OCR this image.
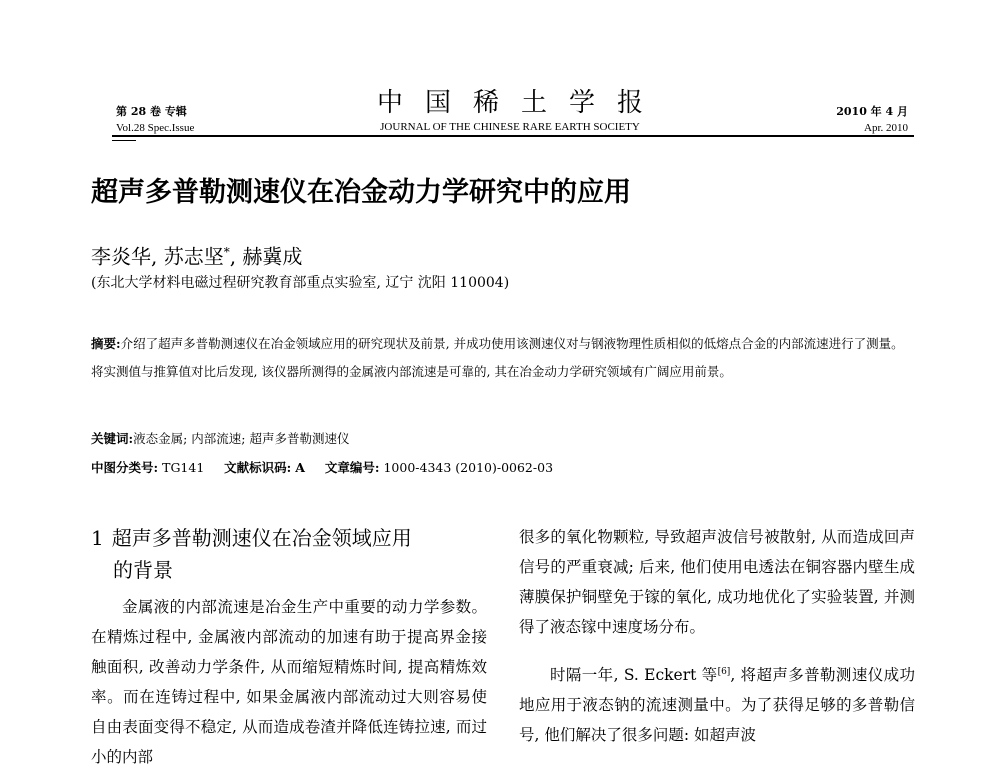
第 28 卷 专辑
Vol.28 Spec.Issue
中国稀土学报
JOURNAL OF THE CHINESE RARE EARTH SOCIETY
2010 年 4 月
Apr. 2010
超声多普勒测速仪在冶金动力学研究中的应用
李炎华, 苏志坚*, 赫冀成
(东北大学材料电磁过程研究教育部重点实验室, 辽宁 沈阳 110004)
摘要:介绍了超声多普勒测速仪在冶金领域应用的研究现状及前景, 并成功使用该测速仪对与钢液物理性质相似的低熔点合金的内部流速进行了测量。将实测值与推算值对比后发现, 该仪器所测得的金属液内部流速是可靠的, 其在冶金动力学研究领域有广阔应用前景。
关键词:液态金属; 内部流速; 超声多普勒测速仪
中图分类号: TG141 文献标识码: A 文章编号: 1000-4343 (2010)-0062-03
1 超声多普勒测速仪在冶金领域应用
的背景

金属液的内部流速是冶金生产中重要的动力学参数。在精炼过程中, 金属液内部流动的加速有助于提高界金接触面积, 改善动力学条件, 从而缩短精炼时间, 提高精炼效率。而在连铸过程中, 如果金属液内部流动过大则容易使自由表面变得不稳定, 从而造成卷渣并降低连铸拉速, 而过小的内部

很多的氧化物颗粒, 导致超声波信号被散射, 从而造成回声信号的严重衰减; 后来, 他们使用电透法在铜容器内壁生成薄膜保护铜壁免于镓的氧化, 成功地优化了实验装置, 并测得了液态镓中速度场分布。

时隔一年, S. Eckert 等[6], 将超声多普勒测速仪成功地应用于液态钠的流速测量中。为了获得足够的多普勒信号, 他们解决了很多问题: 如超声波
